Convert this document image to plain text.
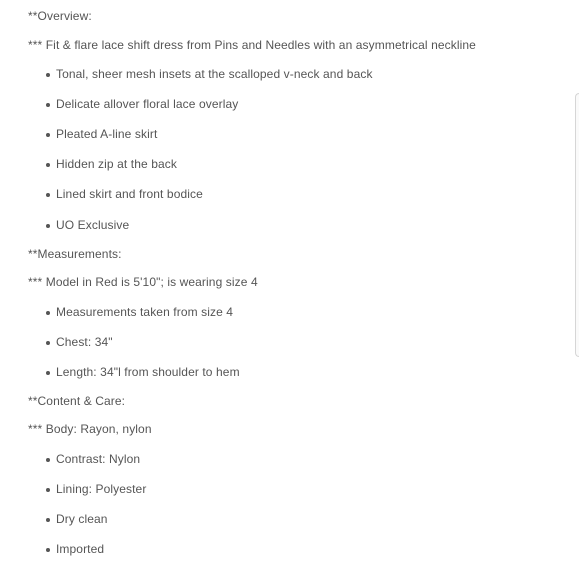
**Overview:
*** Fit & flare lace shift dress from Pins and Needles with an asymmetrical neckline
Tonal, sheer mesh insets at the scalloped v-neck and back
Delicate allover floral lace overlay
Pleated A-line skirt
Hidden zip at the back
Lined skirt and front bodice
UO Exclusive
**Measurements:
*** Model in Red is 5'10"; is wearing size 4
Measurements taken from size 4
Chest: 34"
Length: 34"l from shoulder to hem
**Content & Care:
*** Body: Rayon, nylon
Contrast: Nylon
Lining: Polyester
Dry clean
Imported
